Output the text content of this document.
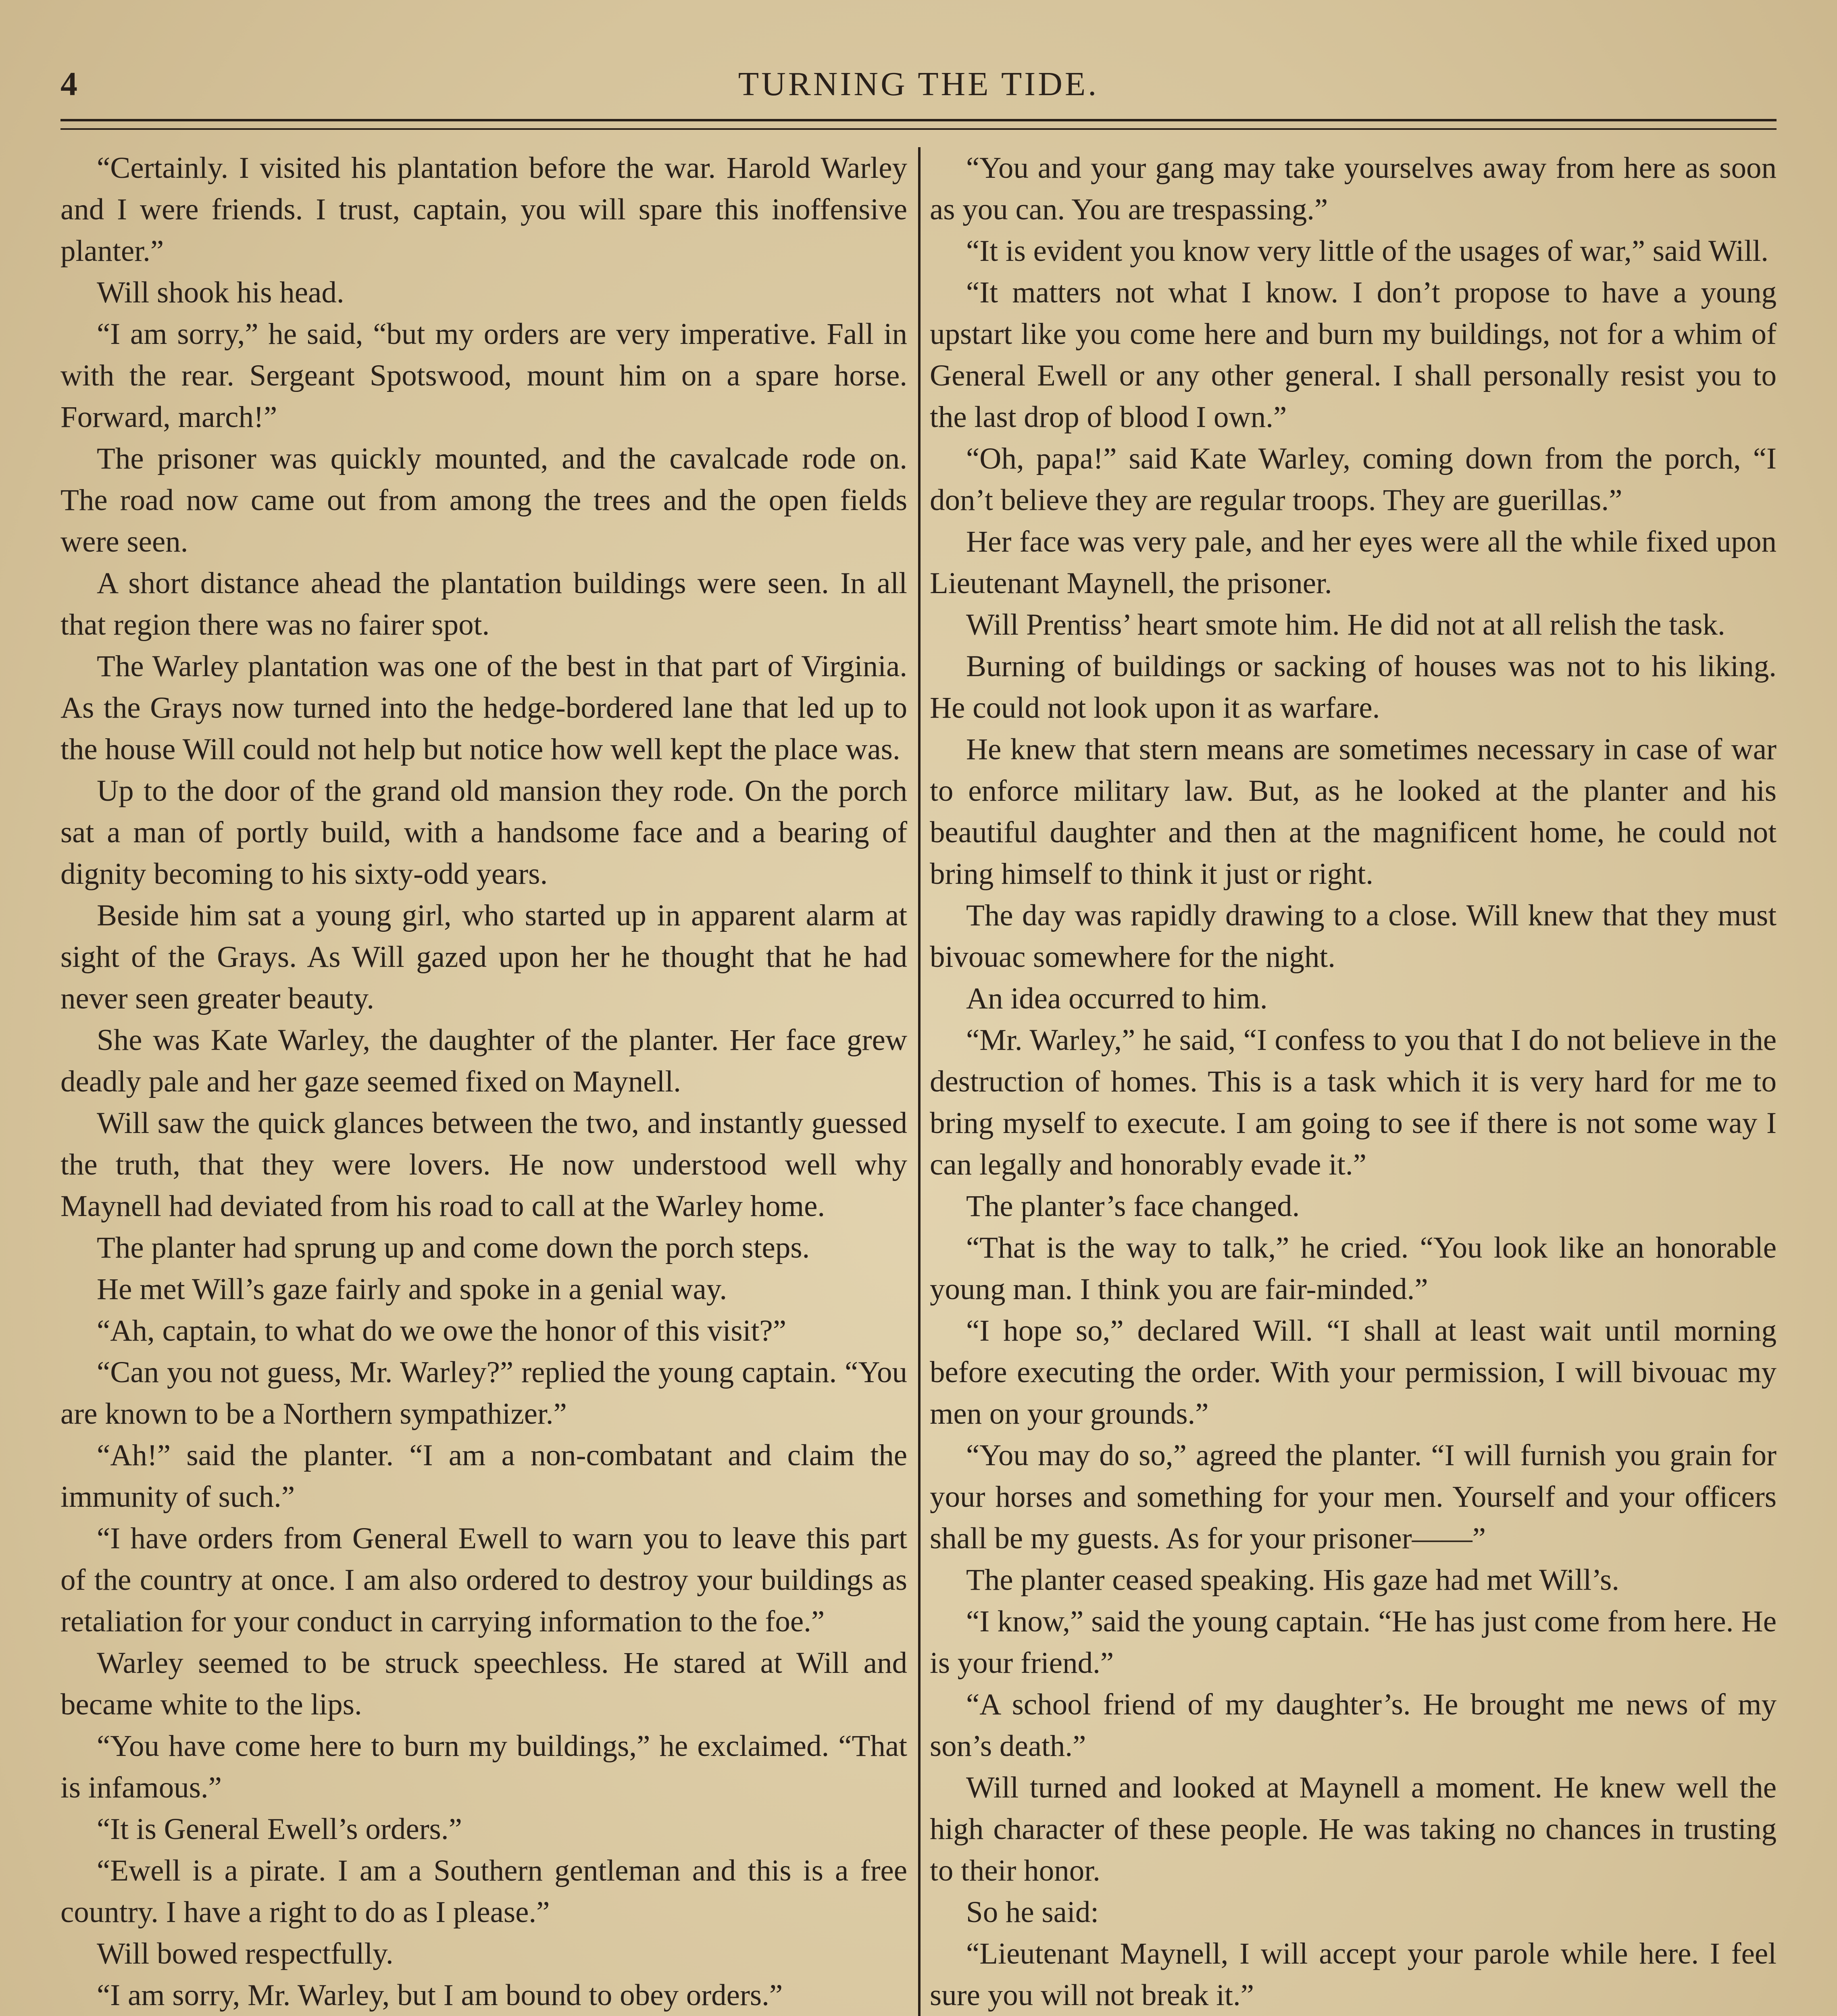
4	TURNING THE TIDE.

“Certainly. I visited his plantation before the war. Harold Warley and I were friends. I trust, captain, you will spare this inoffensive planter.”

Will shook his head.

“I am sorry,” he said, “but my orders are very imperative. Fall in with the rear. Sergeant Spotswood, mount him on a spare horse. Forward, march!”

The prisoner was quickly mounted, and the cavalcade rode on. The road now came out from among the trees and the open fields were seen.

A short distance ahead the plantation buildings were seen. In all that region there was no fairer spot.

The Warley plantation was one of the best in that part of Virginia. As the Grays now turned into the hedge-bordered lane that led up to the house Will could not help but notice how well kept the place was.

Up to the door of the grand old mansion they rode. On the porch sat a man of portly build, with a handsome face and a bearing of dignity becoming to his sixty-odd years.

Beside him sat a young girl, who started up in apparent alarm at sight of the Grays. As Will gazed upon her he thought that he had never seen greater beauty.

She was Kate Warley, the daughter of the planter. Her face grew deadly pale and her gaze seemed fixed on Maynell.

Will saw the quick glances between the two, and instantly guessed the truth, that they were lovers. He now understood well why Maynell had deviated from his road to call at the Warley home.

The planter had sprung up and come down the porch steps.

He met Will’s gaze fairly and spoke in a genial way.

“Ah, captain, to what do we owe the honor of this visit?”

“Can you not guess, Mr. Warley?” replied the young captain. “You are known to be a Northern sympathizer.”

“Ah!” said the planter. “I am a non-combatant and claim the immunity of such.”

“I have orders from General Ewell to warn you to leave this part of the country at once. I am also ordered to destroy your buildings as retaliation for your conduct in carrying information to the foe.”

Warley seemed to be struck speechless. He stared at Will and became white to the lips.

“You have come here to burn my buildings,” he exclaimed. “That is infamous.”

“It is General Ewell’s orders.”

“Ewell is a pirate. I am a Southern gentleman and this is a free country. I have a right to do as I please.”

Will bowed respectfully.

“I am sorry, Mr. Warley, but I am bound to obey orders.”

“You and your gang may take yourselves away from here as soon as you can. You are trespassing.”

“It is evident you know very little of the usages of war,” said Will.

“It matters not what I know. I don’t propose to have a young upstart like you come here and burn my buildings, not for a whim of General Ewell or any other general. I shall personally resist you to the last drop of blood I own.”

“Oh, papa!” said Kate Warley, coming down from the porch, “I don’t believe they are regular troops. They are guerillas.”

Her face was very pale, and her eyes were all the while fixed upon Lieutenant Maynell, the prisoner.

Will Prentiss’ heart smote him. He did not at all relish the task.

Burning of buildings or sacking of houses was not to his liking. He could not look upon it as warfare.

He knew that stern means are sometimes necessary in case of war to enforce military law. But, as he looked at the planter and his beautiful daughter and then at the magnificent home, he could not bring himself to think it just or right.

The day was rapidly drawing to a close. Will knew that they must bivouac somewhere for the night.

An idea occurred to him.

“Mr. Warley,” he said, “I confess to you that I do not believe in the destruction of homes. This is a task which it is very hard for me to bring myself to execute. I am going to see if there is not some way I can legally and honorably evade it.”

The planter’s face changed.

“That is the way to talk,” he cried. “You look like an honorable young man. I think you are fair-minded.”

“I hope so,” declared Will. “I shall at least wait until morning before executing the order. With your permission, I will bivouac my men on your grounds.”

“You may do so,” agreed the planter. “I will furnish you grain for your horses and something for your men. Yourself and your officers shall be my guests. As for your prisoner——”

The planter ceased speaking. His gaze had met Will’s.

“I know,” said the young captain. “He has just come from here. He is your friend.”

“A school friend of my daughter’s. He brought me news of my son’s death.”

Will turned and looked at Maynell a moment. He knew well the high character of these people. He was taking no chances in trusting to their honor.

So he said:

“Lieutenant Maynell, I will accept your parole while here. I feel sure you will not break it.”
